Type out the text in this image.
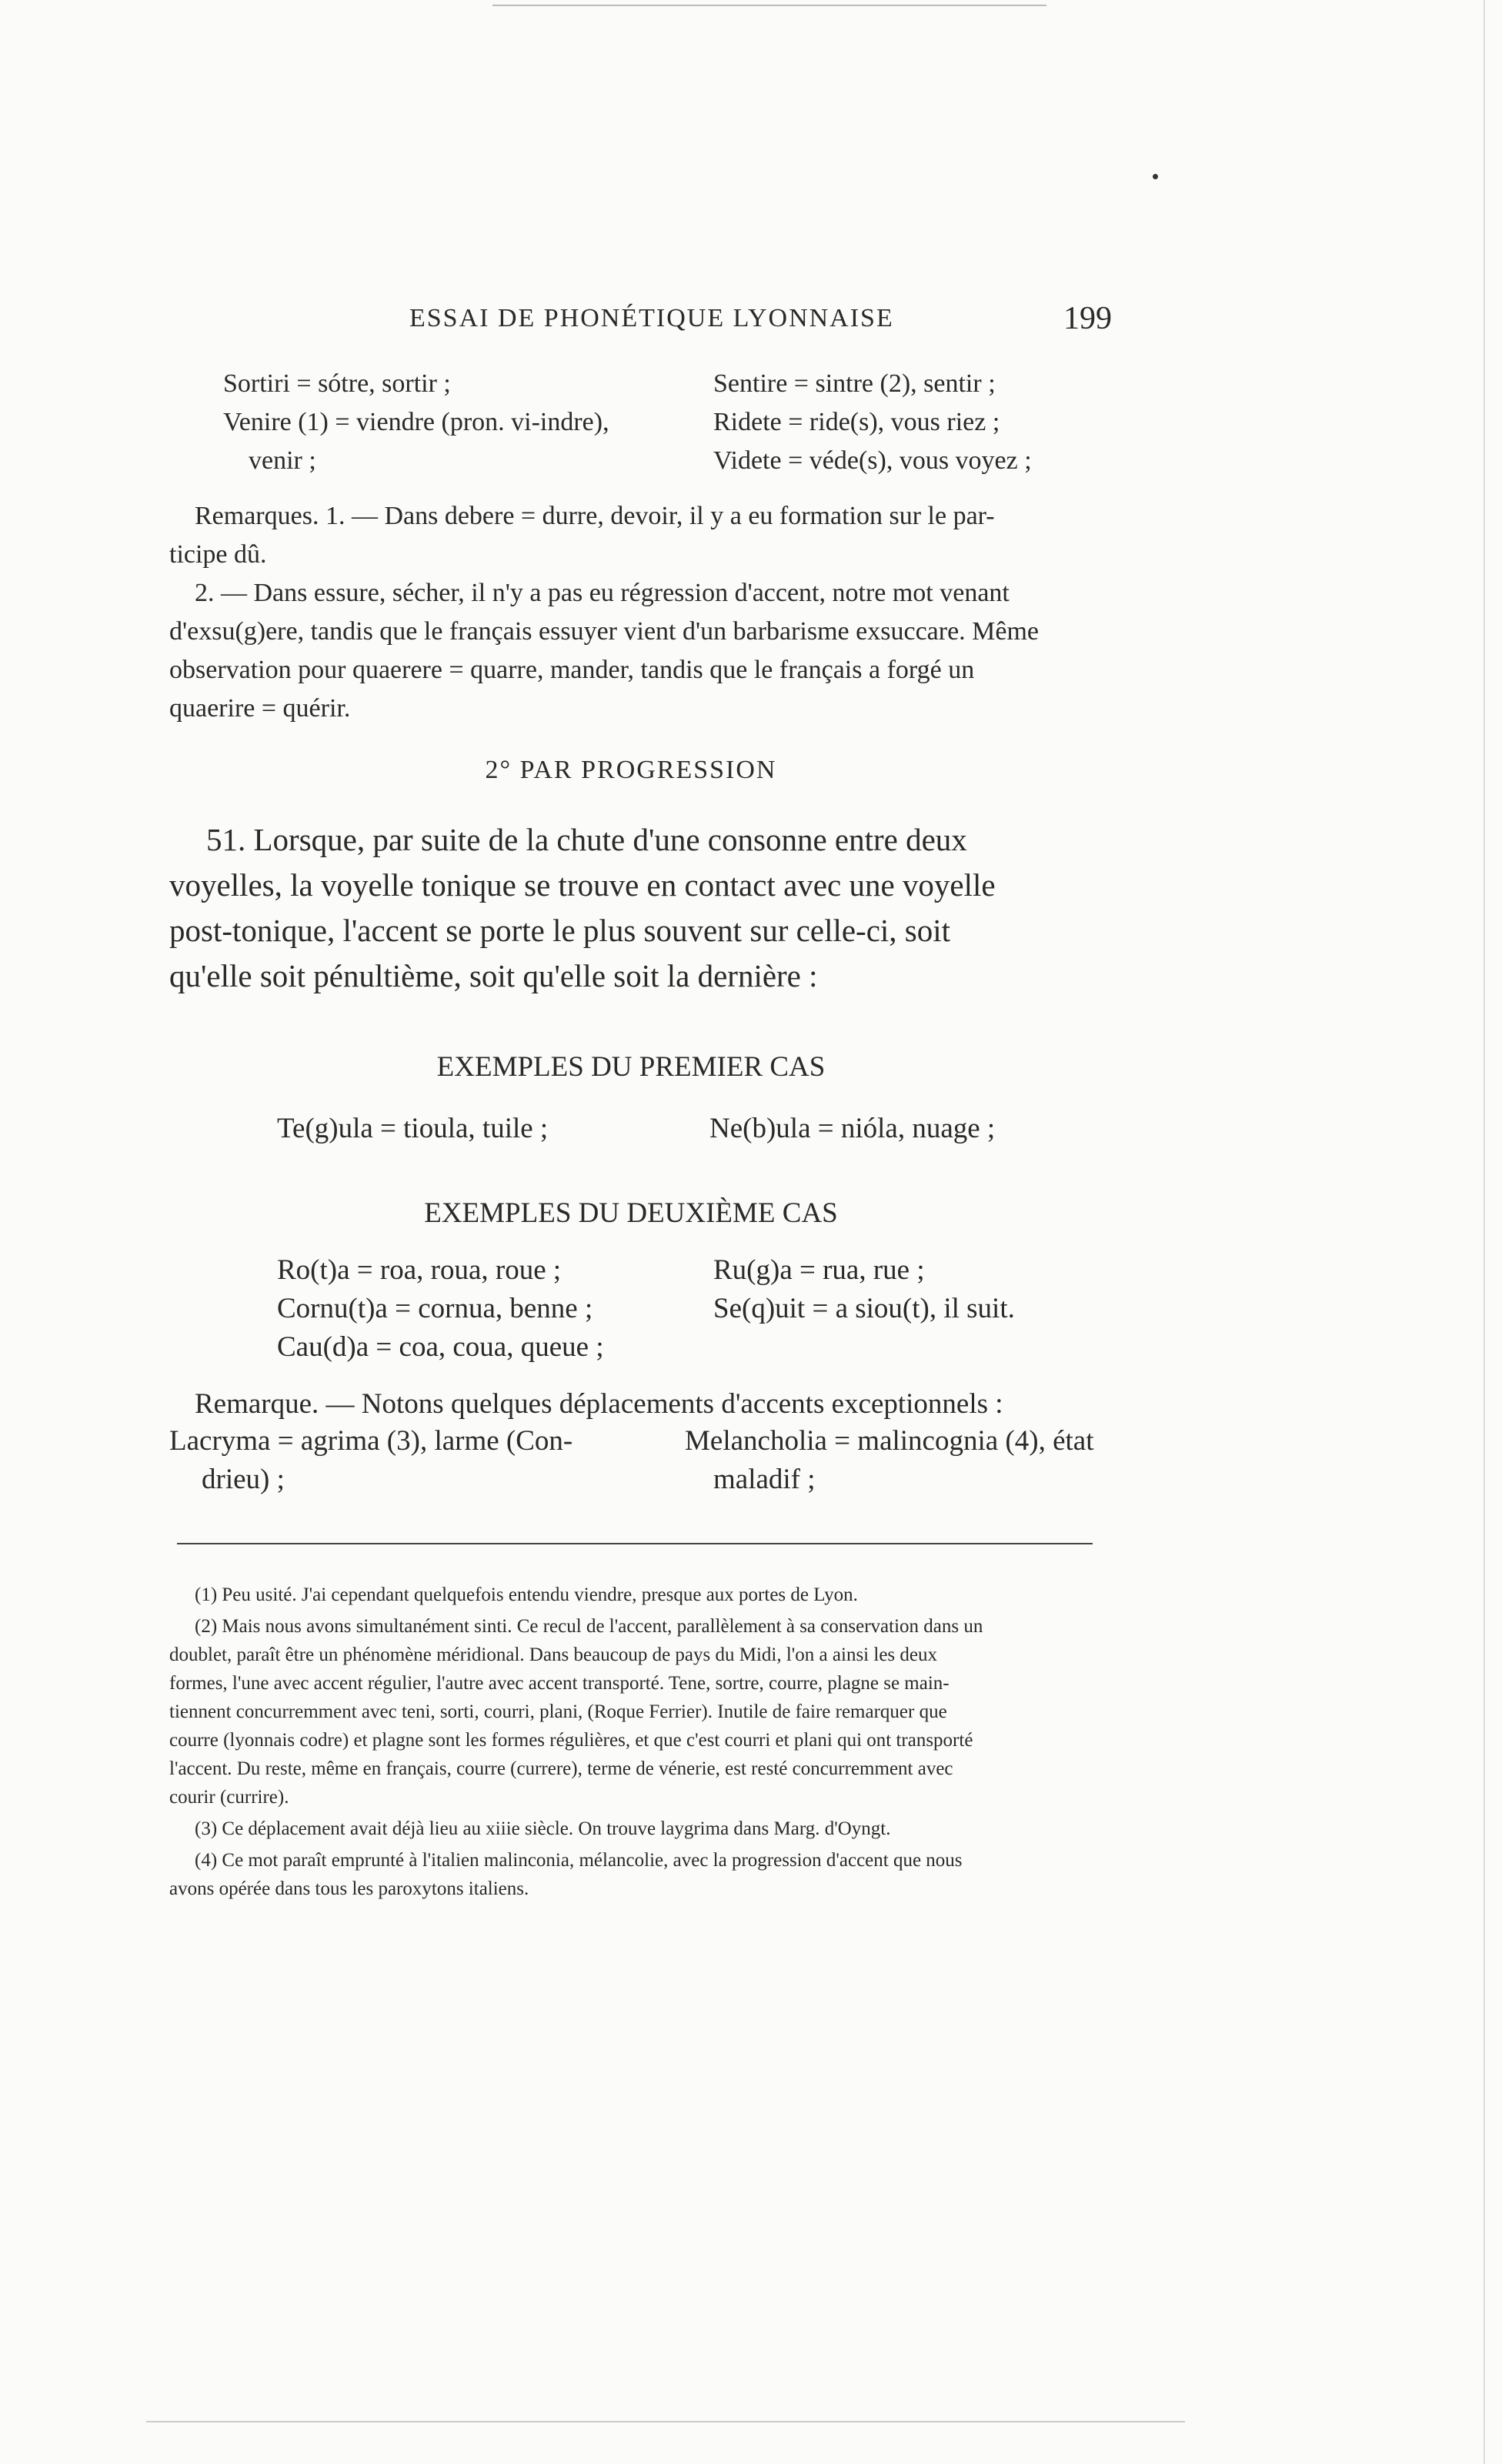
ESSAI DE PHONÉTIQUE LYONNAISE	199
Sortiri = sótre, sortir ;
Venire (1) = viendre (pron. vi-indre),
venir ;
Sentire = sintre (2), sentir ;
Ridete = ride(s), vous riez ;
Videte = véde(s), vous voyez ;
Remarques. 1. — Dans debere = durre, devoir, il y a eu formation sur le par-
ticipe dû.
2. — Dans essure, sécher, il n'y a pas eu régression d'accent, notre mot venant
d'exsu(g)ere, tandis que le français essuyer vient d'un barbarisme exsuccare. Même
observation pour quaerere = quarre, mander, tandis que le français a forgé un
quaerire = quérir.
2° PAR PROGRESSION
51. Lorsque, par suite de la chute d'une consonne entre deux
voyelles, la voyelle tonique se trouve en contact avec une voyelle
post-tonique, l'accent se porte le plus souvent sur celle-ci, soit
qu'elle soit pénultième, soit qu'elle soit la dernière :
EXEMPLES DU PREMIER CAS
Te(g)ula = tioula, tuile ;	Ne(b)ula = nióla, nuage ;
EXEMPLES DU DEUXIÈME CAS
Ro(t)a = roa, roua, roue ;
Cornu(t)a = cornua, benne ;
Cau(d)a = coa, coua, queue ;
Ru(g)a = rua, rue ;
Se(q)uit = a siou(t), il suit.
Remarque. — Notons quelques déplacements d'accents exceptionnels :
Lacryma = agrima (3), larme (Con-
drieu) ;
Melancholia = malincognia (4), état
maladif ;
(1) Peu usité. J'ai cependant quelquefois entendu viendre, presque aux portes de Lyon.
(2) Mais nous avons simultanément sinti. Ce recul de l'accent, parallèlement à sa conservation dans un
doublet, paraît être un phénomène méridional. Dans beaucoup de pays du Midi, l'on a ainsi les deux
formes, l'une avec accent régulier, l'autre avec accent transporté. Tene, sortre, courre, plagne se main-
tiennent concurremment avec teni, sorti, courri, plani, (Roque Ferrier). Inutile de faire remarquer que
courre (lyonnais codre) et plagne sont les formes régulières, et que c'est courri et plani qui ont transporté
l'accent. Du reste, même en français, courre (currere), terme de vénerie, est resté concurremment avec
courir (currire).
(3) Ce déplacement avait déjà lieu au xiiie siècle. On trouve laygrima dans Marg. d'Oyngt.
(4) Ce mot paraît emprunté à l'italien malinconia, mélancolie, avec la progression d'accent que nous
avons opérée dans tous les paroxytons italiens.
